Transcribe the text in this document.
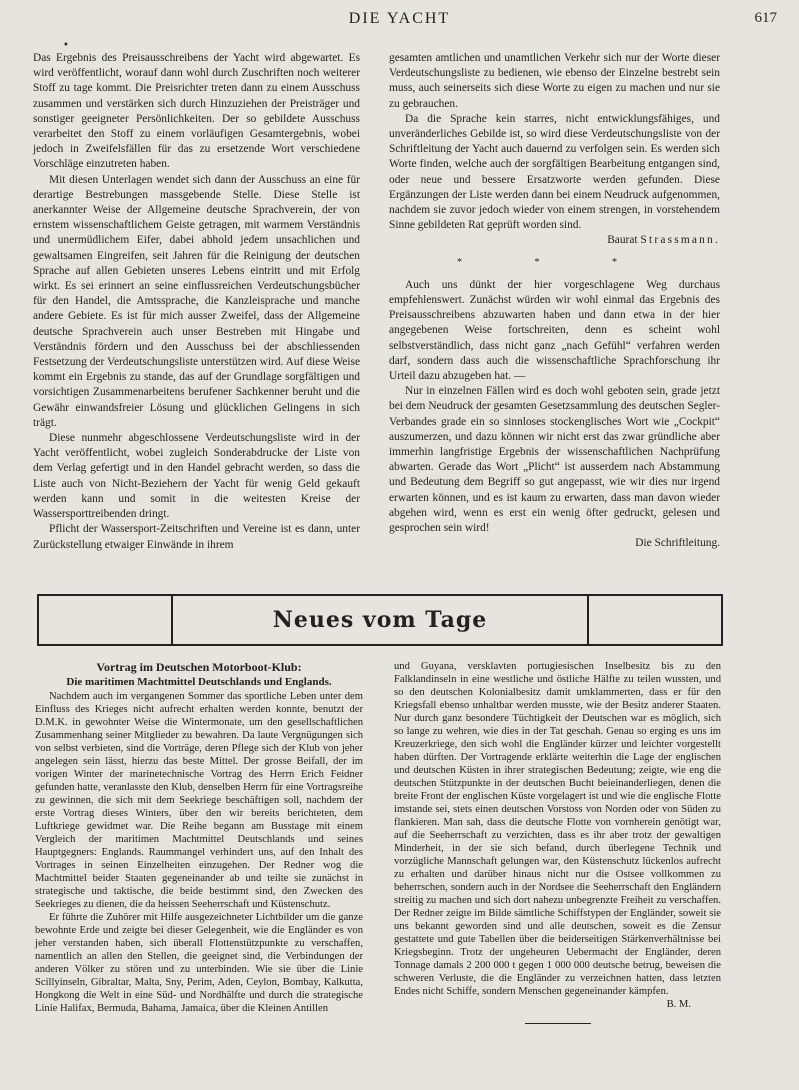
DIE YACHT	617
•

Das Ergebnis des Preisausschreibens der Yacht wird abgewartet. Es wird veröffentlicht, worauf dann wohl durch Zuschriften noch weiterer Stoff zu tage kommt. Die Preisrichter treten dann zu einem Ausschuss zusammen und verstärken sich durch Hinzuziehen der Preisträger und sonstiger geeigneter Persönlichkeiten. Der so gebildete Ausschuss verarbeitet den Stoff zu einem vorläufigen Gesamtergebnis, wobei jedoch in Zweifelsfällen für das zu ersetzende Wort verschiedene Vorschläge einzutreten haben.

Mit diesen Unterlagen wendet sich dann der Ausschuss an eine für derartige Bestrebungen massgebende Stelle. Diese Stelle ist anerkannter Weise der Allgemeine deutsche Sprachverein, der von ernstem wissenschaftlichem Geiste getragen, mit warmem Verständnis und unermüdlichem Eifer, dabei abhold jedem unsachlichen und gewaltsamen Eingreifen, seit Jahren für die Reinigung der deutschen Sprache auf allen Gebieten unseres Lebens eintritt und mit Erfolg wirkt. Es sei erinnert an seine einflussreichen Verdeutschungsbücher für den Handel, die Amtssprache, die Kanzleisprache und manche andere Gebiete. Es ist für mich ausser Zweifel, dass der Allgemeine deutsche Sprachverein auch unser Bestreben mit Hingabe und Verständnis fördern und den Ausschuss bei der abschliessenden Festsetzung der Verdeutschungsliste unterstützen wird. Auf diese Weise kommt ein Ergebnis zu stande, das auf der Grundlage sorgfältigen und vorsichtigen Zusammenarbeitens berufener Sachkenner beruht und die Gewähr einwandsfreier Lösung und glücklichen Gelingens in sich trägt.

Diese nunmehr abgeschlossene Verdeutschungsliste wird in der Yacht veröffentlicht, wobei zugleich Sonderabdrucke der Liste von dem Verlag gefertigt und in den Handel gebracht werden, so dass die Liste auch von Nicht-Beziehern der Yacht für wenig Geld gekauft werden kann und somit in die weitesten Kreise der Wassersporttreibenden dringt.

Pflicht der Wassersport-Zeitschriften und Vereine ist es dann, unter Zurückstellung etwaiger Einwände in ihrem

gesamten amtlichen und unamtlichen Verkehr sich nur der Worte dieser Verdeutschungsliste zu bedienen, wie ebenso der Einzelne bestrebt sein muss, auch seinerseits sich diese Worte zu eigen zu machen und nur sie zu gebrauchen.

Da die Sprache kein starres, nicht entwicklungsfähiges, und unveränderliches Gebilde ist, so wird diese Verdeutschungsliste von der Schriftleitung der Yacht auch dauernd zu verfolgen sein. Es werden sich Worte finden, welche auch der sorgfältigen Bearbeitung entgangen sind, oder neue und bessere Ersatzworte werden gefunden. Diese Ergänzungen der Liste werden dann bei einem Neudruck aufgenommen, nachdem sie zuvor jedoch wieder von einem strengen, in vorstehendem Sinne gebildeten Rat geprüft worden sind.

Baurat Strassmann.
* * *

Auch uns dünkt der hier vorgeschlagene Weg durchaus empfehlenswert. Zunächst würden wir wohl einmal das Ergebnis des Preisausschreibens abzuwarten haben und dann etwa in der hier angegebenen Weise fortschreiten, denn es scheint wohl selbstverständlich, dass nicht ganz „nach Gefühl“ verfahren werden darf, sondern dass auch die wissenschaftliche Sprachforschung ihr Urteil dazu abzugeben hat. —

Nur in einzelnen Fällen wird es doch wohl geboten sein, grade jetzt bei dem Neudruck der gesamten Gesetzsammlung des deutschen Segler-Verbandes grade ein so sinnloses stockenglisches Wort wie „Cockpit“ auszumerzen, und dazu können wir nicht erst das zwar gründliche aber immerhin langfristige Ergebnis der wissenschaftlichen Nachprüfung abwarten. Gerade das Wort „Plicht“ ist ausserdem nach Abstammung und Bedeutung dem Begriff so gut angepasst, wie wir dies nur irgend erwarten können, und es ist kaum zu erwarten, dass man davon wieder abgehen wird, wenn es erst ein wenig öfter gedruckt, gelesen und gesprochen sein wird!

Die Schriftleitung.
Neues vom Tage

Vortrag im Deutschen Motorboot-Klub:

Die maritimen Machtmittel Deutschlands und Englands.

Nachdem auch im vergangenen Sommer das sportliche Leben unter dem Einfluss des Krieges nicht aufrecht erhalten werden konnte, benutzt der D.M.K. in gewohnter Weise die Wintermonate, um den gesellschaftlichen Zusammenhang seiner Mitglieder zu bewahren. Da laute Vergnügungen sich von selbst verbieten, sind die Vorträge, deren Pflege sich der Klub von jeher angelegen sein lässt, hierzu das beste Mittel. Der grosse Beifall, der im vorigen Winter der marinetechnische Vortrag des Herrn Erich Feidner gefunden hatte, veranlasste den Klub, denselben Herrn für eine Vortragsreihe zu gewinnen, die sich mit dem Seekriege beschäftigen soll, nachdem der erste Vortrag dieses Winters, über den wir bereits berichteten, dem Luftkriege gewidmet war. Die Reihe begann am Busstage mit einem Vergleich der maritimen Machtmittel Deutschlands und seines Hauptgegners: Englands. Raummangel verhindert uns, auf den Inhalt des Vortrages in seinen Einzelheiten einzugehen. Der Redner wog die Machtmittel beider Staaten gegeneinander ab und teilte sie zunächst in strategische und taktische, die beide bestimmt sind, den Zwecken des Seekrieges zu dienen, die da heissen Seeherrschaft und Küstenschutz.

Er führte die Zuhörer mit Hilfe ausgezeichneter Lichtbilder um die ganze bewohnte Erde und zeigte bei dieser Gelegenheit, wie die Engländer es von jeher verstanden haben, sich überall Flottenstützpunkte zu verschaffen, namentlich an allen den Stellen, die geeignet sind, die Verbindungen der anderen Völker zu stören und zu unterbinden. Wie sie über die Linie Scillyinseln, Gibraltar, Malta, Sny, Perim, Aden, Ceylon, Bombay, Kalkutta, Hongkong die Welt in eine Süd- und Nordhälfte und durch die strategische Linie Halifax, Bermuda, Bahama, Jamaica, über die Kleinen Antillen

und Guyana, versklavten portugiesischen Inselbesitz bis zu den Falklandinseln in eine westliche und östliche Hälfte zu teilen wussten, und so den deutschen Kolonialbesitz damit umklammerten, dass er für den Kriegsfall ebenso unhaltbar werden musste, wie der Besitz anderer Staaten. Nur durch ganz besondere Tüchtigkeit der Deutschen war es möglich, sich so lange zu wehren, wie dies in der Tat geschah. Genau so erging es uns im Kreuzerkriege, den sich wohl die Engländer kürzer und leichter vorgestellt haben dürften. Der Vortragende erklärte weiterhin die Lage der englischen und deutschen Küsten in ihrer strategischen Bedeutung; zeigte, wie eng die deutschen Stützpunkte in der deutschen Bucht beieinanderliegen, denen die breite Front der englischen Küste vorgelagert ist und wie die englische Flotte imstande sei, stets einen deutschen Vorstoss von Norden oder von Süden zu flankieren. Man sah, dass die deutsche Flotte von vornherein genötigt war, auf die Seeherrschaft zu verzichten, dass es ihr aber trotz der gewaltigen Minderheit, in der sie sich befand, durch überlegene Technik und vorzügliche Mannschaft gelungen war, den Küstenschutz lückenlos aufrecht zu erhalten und darüber hinaus nicht nur die Ostsee vollkommen zu beherrschen, sondern auch in der Nordsee die Seeherrschaft den Engländern streitig zu machen und sich dort nahezu unbegrenzte Freiheit zu verschaffen. Der Redner zeigte im Bilde sämtliche Schiffstypen der Engländer, soweit sie uns bekannt geworden sind und alle deutschen, soweit es die Zensur gestattete und gute Tabellen über die beiderseitigen Stärkenverhältnisse bei Kriegsbeginn. Trotz der ungeheuren Uebermacht der Engländer, deren Tonnage damals 2 200 000 t gegen 1 000 000 deutsche betrug, beweisen die schweren Verluste, die die Engländer zu verzeichnen hatten, dass letzten Endes nicht Schiffe, sondern Menschen gegeneinander kämpfen.

B. M.
